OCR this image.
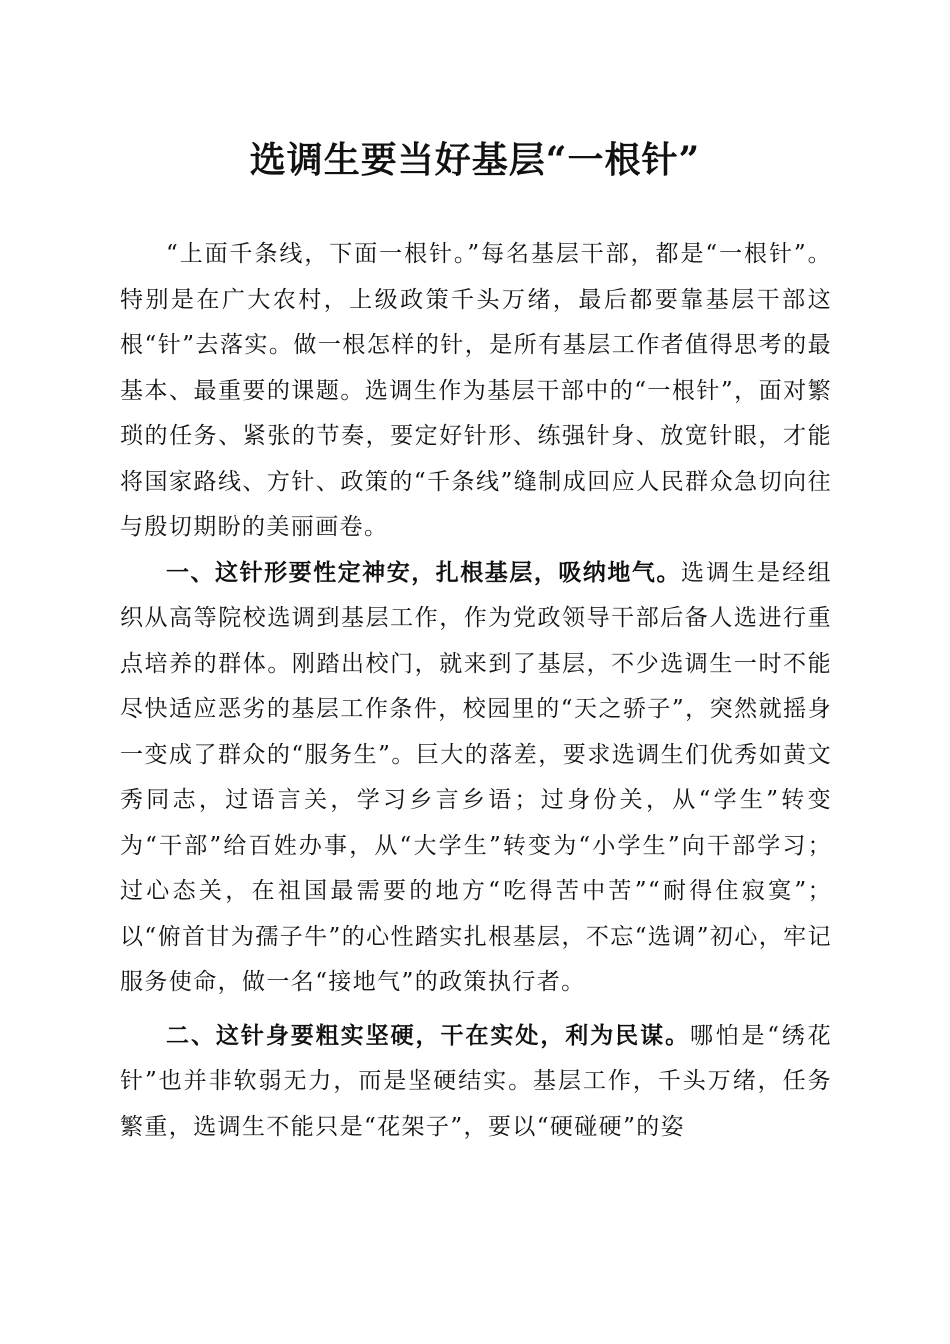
选调生要当好基层“一根针”

“上面千条线，下面一根针。”每名基层干部，都是“一根针”。特别是在广大农村，上级政策千头万绪，最后都要靠基层干部这根“针”去落实。做一根怎样的针，是所有基层工作者值得思考的最基本、最重要的课题。选调生作为基层干部中的“一根针”，面对繁琐的任务、紧张的节奏，要定好针形、练强针身、放宽针眼，才能将国家路线、方针、政策的“千条线”缝制成回应人民群众急切向往与殷切期盼的美丽画卷。

一、这针形要性定神安，扎根基层，吸纳地气。选调生是经组织从高等院校选调到基层工作，作为党政领导干部后备人选进行重点培养的群体。刚踏出校门，就来到了基层，不少选调生一时不能尽快适应恶劣的基层工作条件，校园里的“天之骄子”，突然就摇身一变成了群众的“服务生”。巨大的落差，要求选调生们优秀如黄文秀同志，过语言关，学习乡言乡语；过身份关，从“学生”转变为“干部”给百姓办事，从“大学生”转变为“小学生”向干部学习；过心态关，在祖国最需要的地方“吃得苦中苦”“耐得住寂寞”；以“俯首甘为孺子牛”的心性踏实扎根基层，不忘“选调”初心，牢记服务使命，做一名“接地气”的政策执行者。

二、这针身要粗实坚硬，干在实处，利为民谋。哪怕是“绣花针”也并非软弱无力，而是坚硬结实。基层工作，千头万绪，任务繁重，选调生不能只是“花架子”，要以“硬碰硬”的姿
